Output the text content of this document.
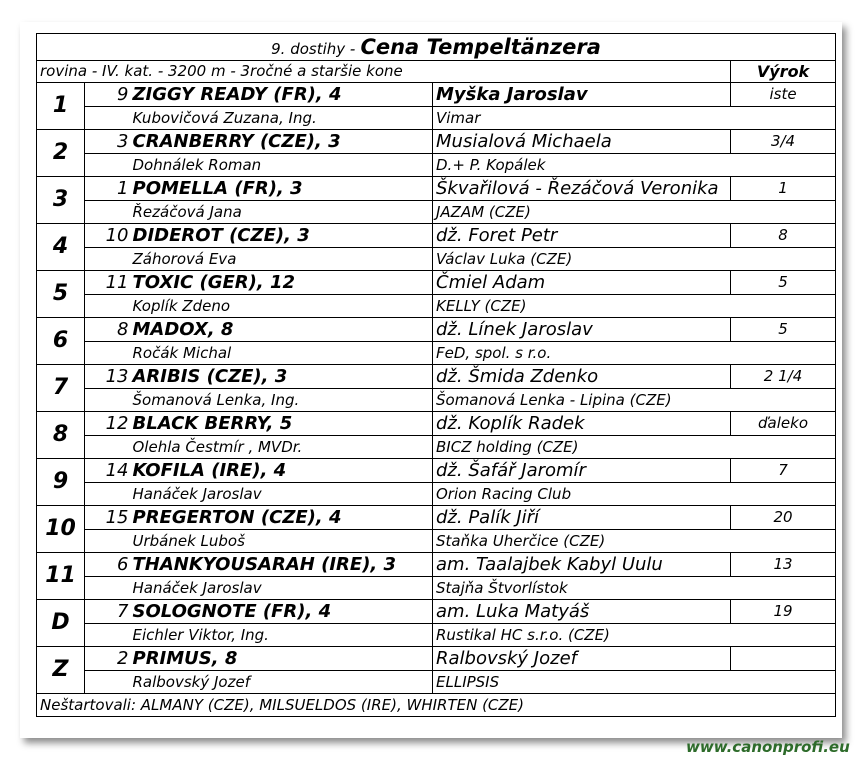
9. dostihy - Cena Tempeltänzera				
rovina - IV. kat. - 3200 m - 3ročné a staršie kone				Výrok
1	9	ZIGGY READY (FR), 4	Myška Jaroslav	iste
		Kubovičová Zuzana, Ing.	Vimar	
2	3	CRANBERRY (CZE), 3	Musialová Michaela	3/4
		Dohnálek Roman	D.+ P. Kopálek	
3	1	POMELLA (FR), 3	Škvařilová - Řezáčová Veronika	1
		Řezáčová Jana	JAZAM (CZE)	
4	10	DIDEROT (CZE), 3	dž. Foret Petr	8
		Záhorová Eva	Václav Luka (CZE)	
5	11	TOXIC (GER), 12	Čmiel Adam	5
		Koplík Zdeno	KELLY (CZE)	
6	8	MADOX, 8	dž. Línek Jaroslav	5
		Ročák Michal	FeD, spol. s r.o.	
7	13	ARIBIS (CZE), 3	dž. Šmida Zdenko	2 1/4
		Šomanová Lenka, Ing.	Šomanová Lenka - Lipina (CZE)	
8	12	BLACK BERRY, 5	dž. Koplík Radek	ďaleko
		Olehla Čestmír , MVDr.	BICZ holding (CZE)	
9	14	KOFILA (IRE), 4	dž. Šafář Jaromír	7
		Hanáček Jaroslav	Orion Racing Club	
10	15	PREGERTON (CZE), 4	dž. Palík Jiří	20
		Urbánek Luboš	Staňka Uherčice (CZE)	
11	6	THANKYOUSARAH (IRE), 3	am. Taalajbek Kabyl Uulu	13
		Hanáček Jaroslav	Stajňa Štvorlístok	
D	7	SOLOGNOTE (FR), 4	am. Luka Matyáš	19
		Eichler Viktor, Ing.	Rustikal HC s.r.o. (CZE)	
Z	2	PRIMUS, 8	Ralbovský Jozef	
		Ralbovský Jozef	ELLIPSIS	
Neštartovali: ALMANY (CZE), MILSUELDOS (IRE), WHIRTEN (CZE)				
www.canonprofi.eu
